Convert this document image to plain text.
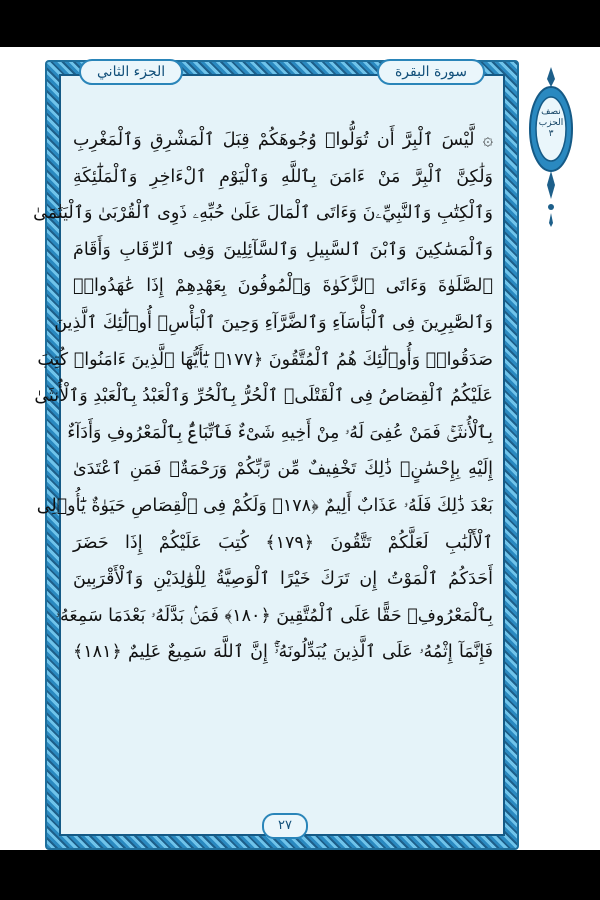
الجزء الثاني	سورة البقرة
۞ لَّيْسَ ٱلْبِرَّ أَن تُوَلُّوا۟ وُجُوهَكُمْ قِبَلَ ٱلْمَشْرِقِ وَٱلْمَغْرِبِ
وَلَٰكِنَّ ٱلْبِرَّ مَنْ ءَامَنَ بِٱللَّهِ وَٱلْيَوْمِ ٱلْءَاخِرِ وَٱلْمَلَٰٓئِكَةِ
وَٱلْكِتَٰبِ وَٱلنَّبِيِّۦنَ وَءَاتَى ٱلْمَالَ عَلَىٰ حُبِّهِۦ ذَوِى ٱلْقُرْبَىٰ وَٱلْيَتَٰمَىٰ
وَٱلْمَسَٰكِينَ وَٱبْنَ ٱلسَّبِيلِ وَٱلسَّآئِلِينَ وَفِى ٱلرِّقَابِ وَأَقَامَ
ٱلصَّلَوٰةَ وَءَاتَى ٱلزَّكَوٰةَ وَٱلْمُوفُونَ بِعَهْدِهِمْ إِذَا عَٰهَدُوا۟ۖ
وَٱلصَّٰبِرِينَ فِى ٱلْبَأْسَآءِ وَٱلضَّرَّآءِ وَحِينَ ٱلْبَأْسِۗ أُو۟لَٰٓئِكَ ٱلَّذِينَ
صَدَقُوا۟ۖ وَأُو۟لَٰٓئِكَ هُمُ ٱلْمُتَّقُونَ ﴿١٧٧﴾ يَٰٓأَيُّهَا ٱلَّذِينَ ءَامَنُوا۟ كُتِبَ
عَلَيْكُمُ ٱلْقِصَاصُ فِى ٱلْقَتْلَىۖ ٱلْحُرُّ بِٱلْحُرِّ وَٱلْعَبْدُ بِٱلْعَبْدِ وَٱلْأُنثَىٰ
بِٱلْأُنثَىٰۚ فَمَنْ عُفِىَ لَهُۥ مِنْ أَخِيهِ شَىْءٌ فَٱتِّبَاعٌۢ بِٱلْمَعْرُوفِ وَأَدَآءٌ
إِلَيْهِ بِإِحْسَٰنٍۗ ذَٰلِكَ تَخْفِيفٌ مِّن رَّبِّكُمْ وَرَحْمَةٌۗ فَمَنِ ٱعْتَدَىٰ
بَعْدَ ذَٰلِكَ فَلَهُۥ عَذَابٌ أَلِيمٌ ﴿١٧٨﴾ وَلَكُمْ فِى ٱلْقِصَاصِ حَيَوٰةٌ يَٰٓأُو۟لِى
ٱلْأَلْبَٰبِ لَعَلَّكُمْ تَتَّقُونَ ﴿١٧٩﴾ كُتِبَ عَلَيْكُمْ إِذَا حَضَرَ
أَحَدَكُمُ ٱلْمَوْتُ إِن تَرَكَ خَيْرًا ٱلْوَصِيَّةُ لِلْوَٰلِدَيْنِ وَٱلْأَقْرَبِينَ
بِٱلْمَعْرُوفِۖ حَقًّا عَلَى ٱلْمُتَّقِينَ ﴿١٨٠﴾ فَمَنۢ بَدَّلَهُۥ بَعْدَمَا سَمِعَهُۥ
فَإِنَّمَآ إِثْمُهُۥ عَلَى ٱلَّذِينَ يُبَدِّلُونَهُۥٓۚ إِنَّ ٱللَّهَ سَمِيعٌ عَلِيمٌ ﴿١٨١﴾
٢٧
نصف
الحزب
٣
